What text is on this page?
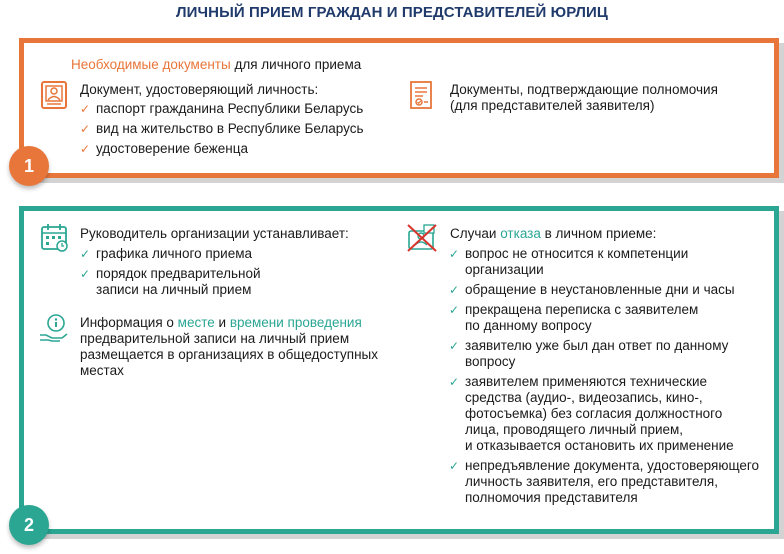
ЛИЧНЫЙ ПРИЕМ ГРАЖДАН И ПРЕДСТАВИТЕЛЕЙ ЮРЛИЦ
1
Необходимые документы для личного приема
Документ, удостоверяющий личность:
✓ паспорт гражданина Республики Беларусь
✓ вид на жительство в Республике Беларусь
✓ удостоверение беженца
Документы, подтверждающие полномочия
(для представителей заявителя)
2
Руководитель организации устанавливает:
✓ графика личного приема
✓ порядок предварительной
записи на личный прием
Информация о месте и времени проведения
предварительной записи на личный прием
размещается в организациях в общедоступных
местах
Случаи отказа в личном приеме:
✓ вопрос не относится к компетенции
организации
✓ обращение в неустановленные дни и часы
✓ прекращена переписка с заявителем
по данному вопросу
✓ заявителю уже был дан ответ по данному
вопросу
✓ заявителем применяются технические
средства (аудио-, видеозапись, кино-,
фотосъемка) без согласия должностного
лица, проводящего личный прием,
и отказывается остановить их применение
✓ непредъявление документа, удостоверяющего
личность заявителя, его представителя,
полномочия представителя
